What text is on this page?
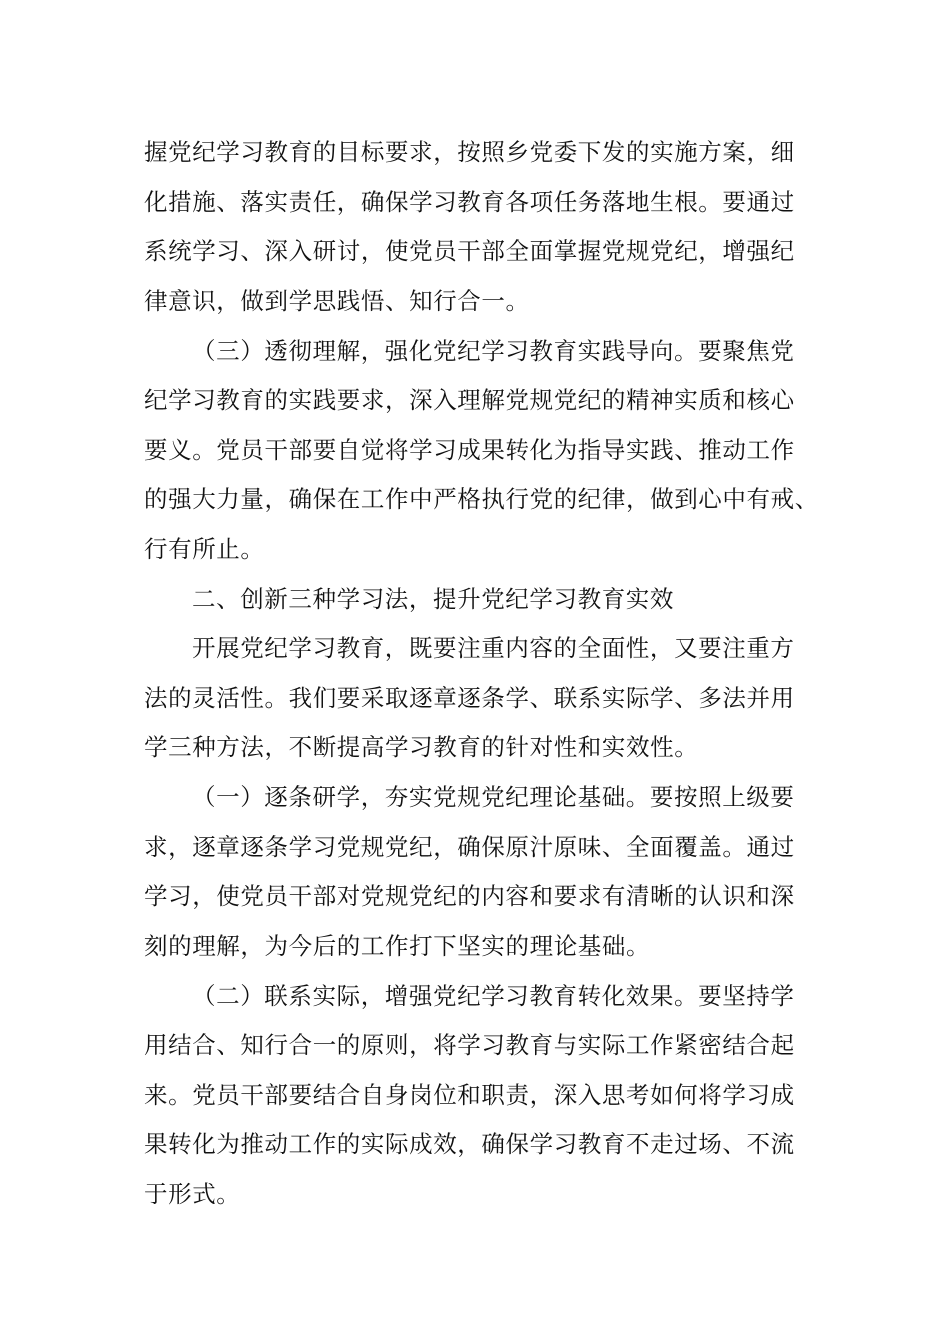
握党纪学习教育的目标要求，按照乡党委下发的实施方案，细
化措施、落实责任，确保学习教育各项任务落地生根。要通过
系统学习、深入研讨，使党员干部全面掌握党规党纪，增强纪
律意识，做到学思践悟、知行合一。
（三）透彻理解，强化党纪学习教育实践导向。要聚焦党
纪学习教育的实践要求，深入理解党规党纪的精神实质和核心
要义。党员干部要自觉将学习成果转化为指导实践、推动工作
的强大力量，确保在工作中严格执行党的纪律，做到心中有戒、
行有所止。
二、创新三种学习法，提升党纪学习教育实效
开展党纪学习教育，既要注重内容的全面性，又要注重方
法的灵活性。我们要采取逐章逐条学、联系实际学、多法并用
学三种方法，不断提高学习教育的针对性和实效性。
（一）逐条研学，夯实党规党纪理论基础。要按照上级要
求，逐章逐条学习党规党纪，确保原汁原味、全面覆盖。通过
学习，使党员干部对党规党纪的内容和要求有清晰的认识和深
刻的理解，为今后的工作打下坚实的理论基础。
（二）联系实际，增强党纪学习教育转化效果。要坚持学
用结合、知行合一的原则，将学习教育与实际工作紧密结合起
来。党员干部要结合自身岗位和职责，深入思考如何将学习成
果转化为推动工作的实际成效，确保学习教育不走过场、不流
于形式。
